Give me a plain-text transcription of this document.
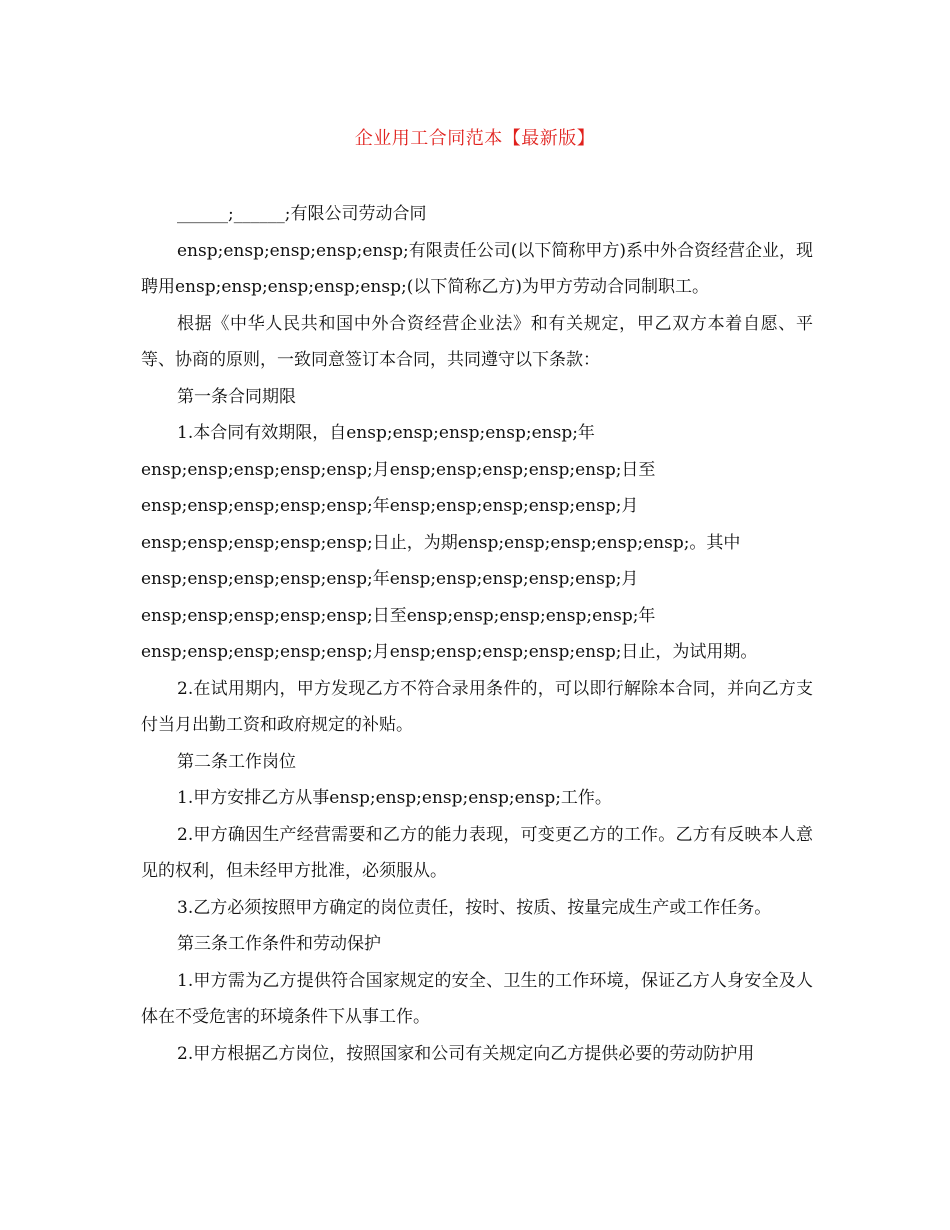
企业用工合同范本【最新版】

______;______;有限公司劳动合同

ensp;ensp;ensp;ensp;ensp;有限责任公司(以下简称甲方)系中外合资经营企业，现聘用ensp;ensp;ensp;ensp;ensp;(以下简称乙方)为甲方劳动合同制职工。

根据《中华人民共和国中外合资经营企业法》和有关规定，甲乙双方本着自愿、平等、协商的原则，一致同意签订本合同，共同遵守以下条款：

第一条合同期限

1.本合同有效期限，自ensp;ensp;ensp;ensp;ensp;年

ensp;ensp;ensp;ensp;ensp;月ensp;ensp;ensp;ensp;ensp;日至

ensp;ensp;ensp;ensp;ensp;年ensp;ensp;ensp;ensp;ensp;月

ensp;ensp;ensp;ensp;ensp;日止，为期ensp;ensp;ensp;ensp;ensp;。其中

ensp;ensp;ensp;ensp;ensp;年ensp;ensp;ensp;ensp;ensp;月

ensp;ensp;ensp;ensp;ensp;日至ensp;ensp;ensp;ensp;ensp;年

ensp;ensp;ensp;ensp;ensp;月ensp;ensp;ensp;ensp;ensp;日止，为试用期。

2.在试用期内，甲方发现乙方不符合录用条件的，可以即行解除本合同，并向乙方支付当月出勤工资和政府规定的补贴。

第二条工作岗位

1.甲方安排乙方从事ensp;ensp;ensp;ensp;ensp;工作。

2.甲方确因生产经营需要和乙方的能力表现，可变更乙方的工作。乙方有反映本人意见的权利，但未经甲方批准，必须服从。

3.乙方必须按照甲方确定的岗位责任，按时、按质、按量完成生产或工作任务。

第三条工作条件和劳动保护

1.甲方需为乙方提供符合国家规定的安全、卫生的工作环境，保证乙方人身安全及人体在不受危害的环境条件下从事工作。

2.甲方根据乙方岗位，按照国家和公司有关规定向乙方提供必要的劳动防护用
